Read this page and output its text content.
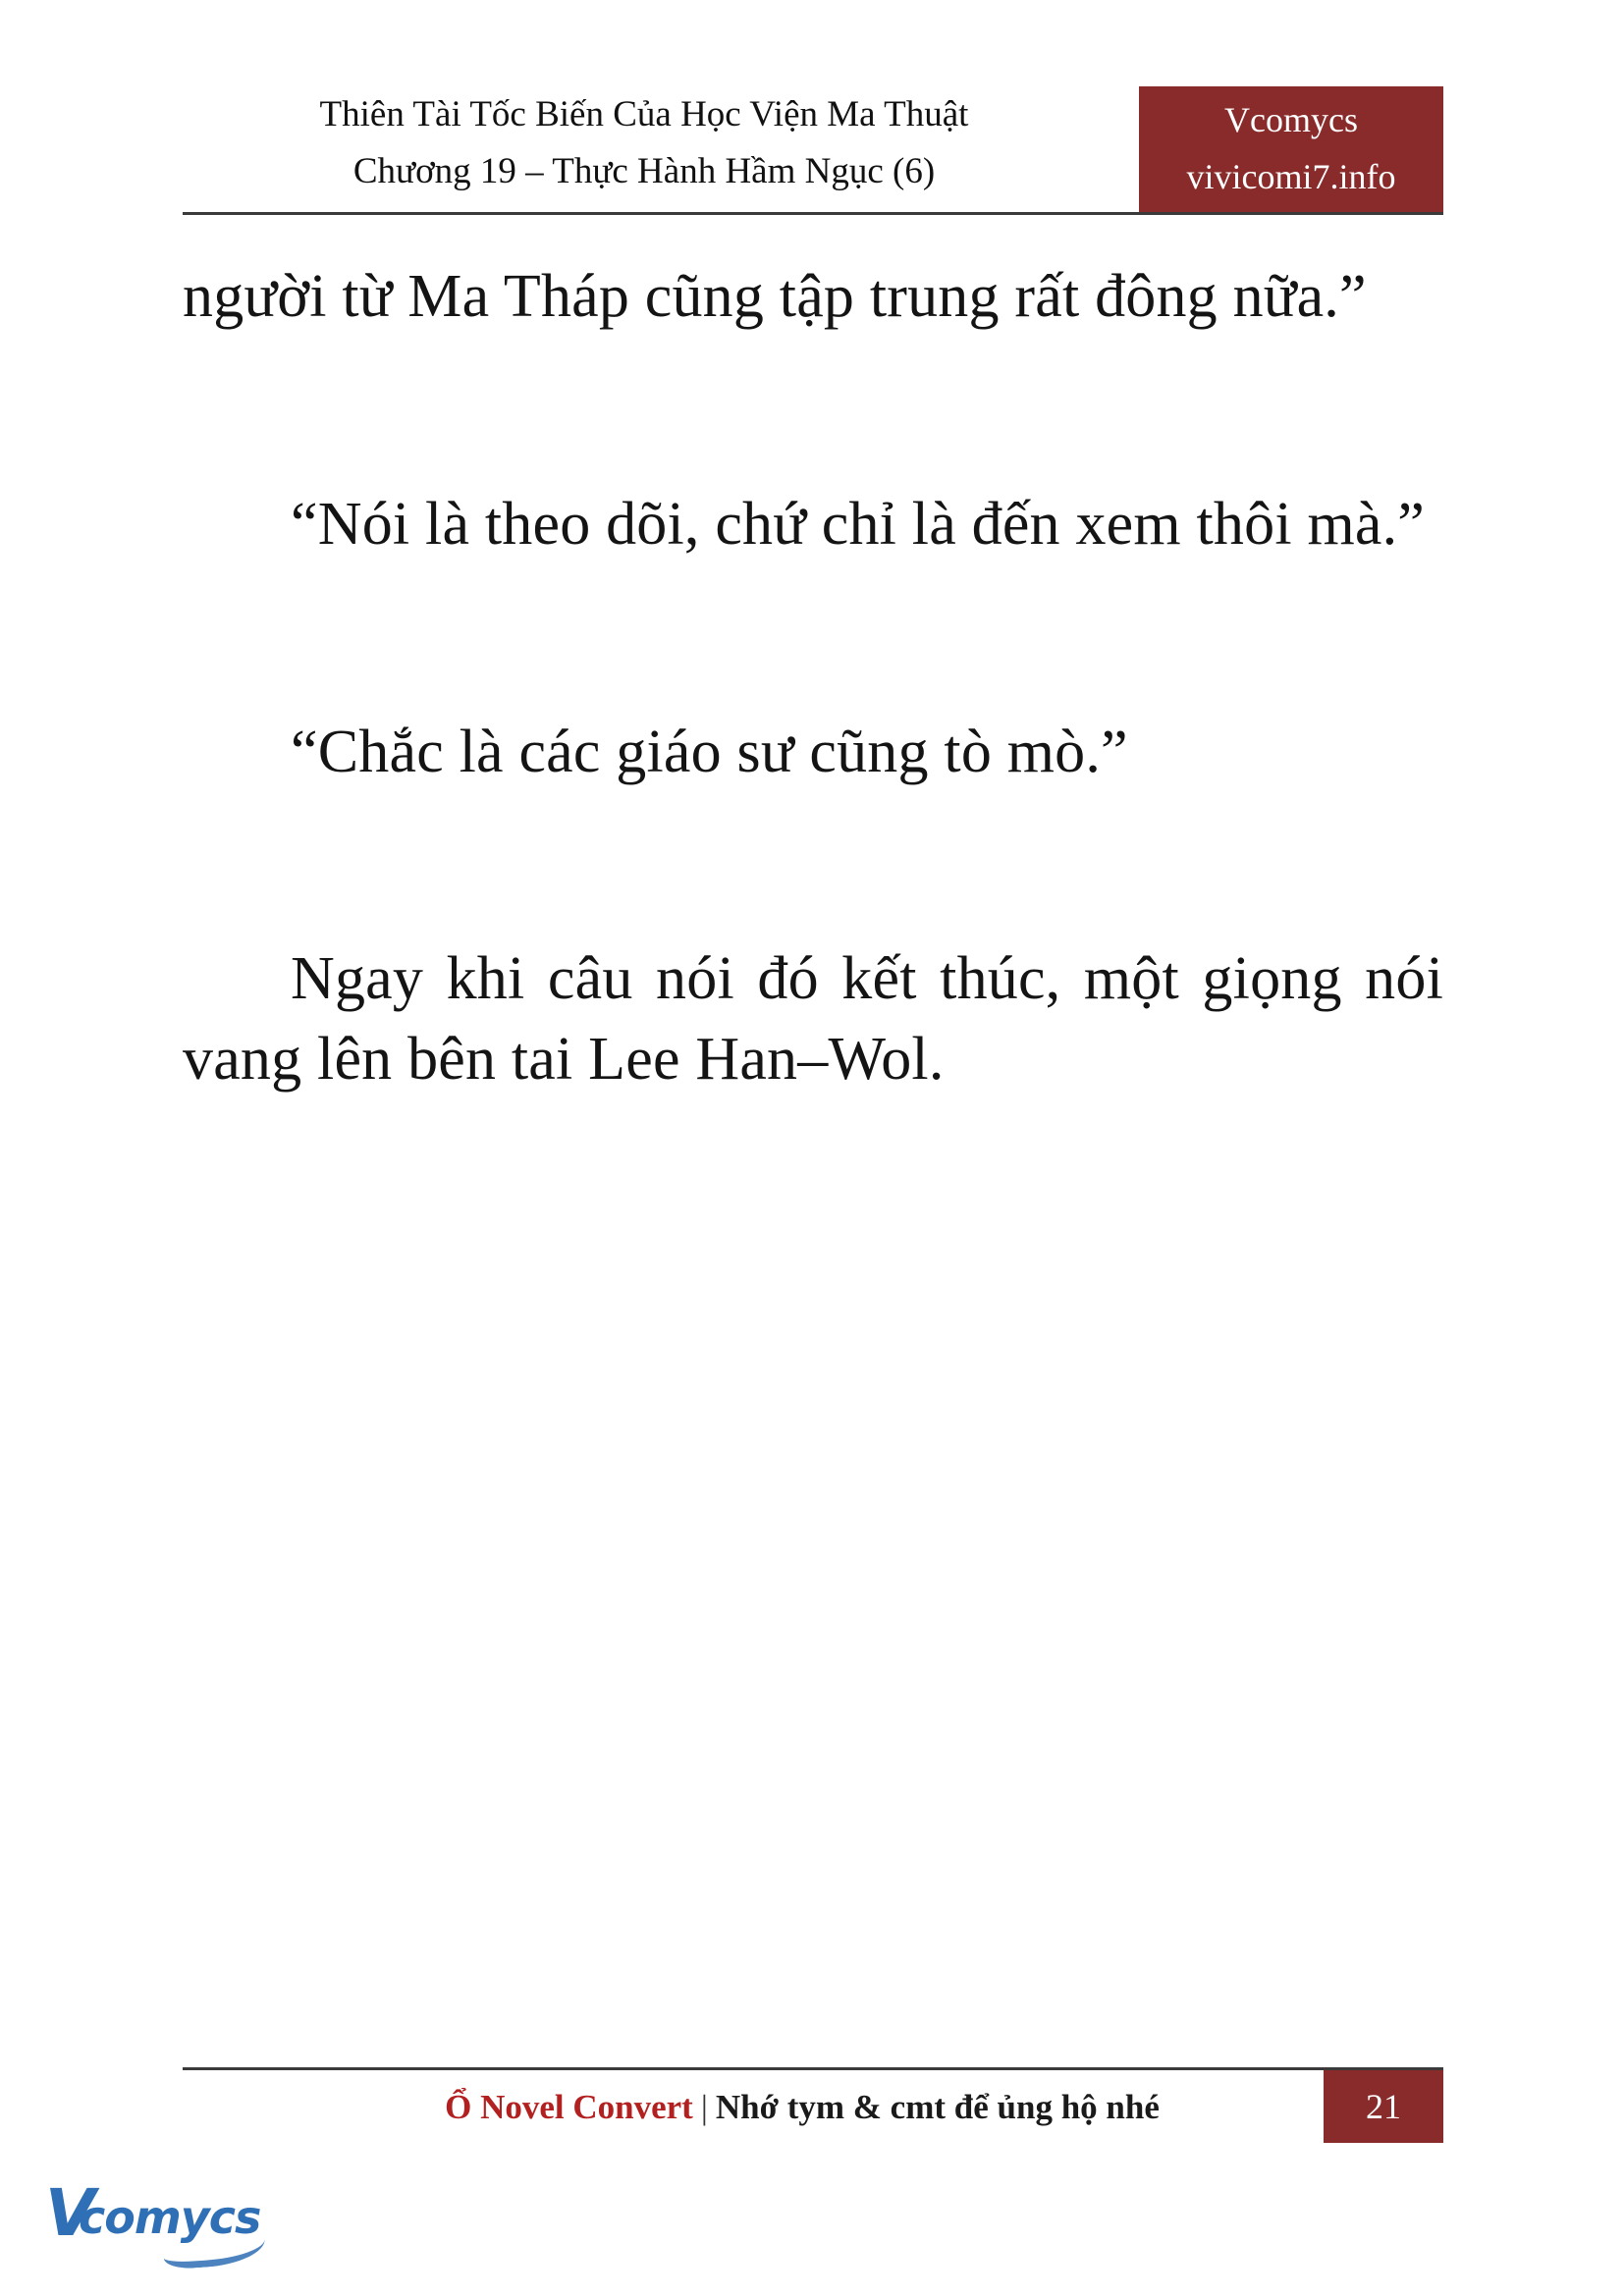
Thiên Tài Tốc Biến Của Học Viện Ma Thuật
Chương 19 – Thực Hành Hầm Ngục (6)
Vcomycs
vivicomi7.info

người từ Ma Tháp cũng tập trung rất đông nữa.”

“Nói là theo dõi, chứ chỉ là đến xem thôi mà.”

“Chắc là các giáo sư cũng tò mò.”

Ngay khi câu nói đó kết thúc, một giọng nói vang lên bên tai Lee Han–Wol.

Ổ Novel Convert | Nhớ tym & cmt để ủng hộ nhé	21
V
comycs
